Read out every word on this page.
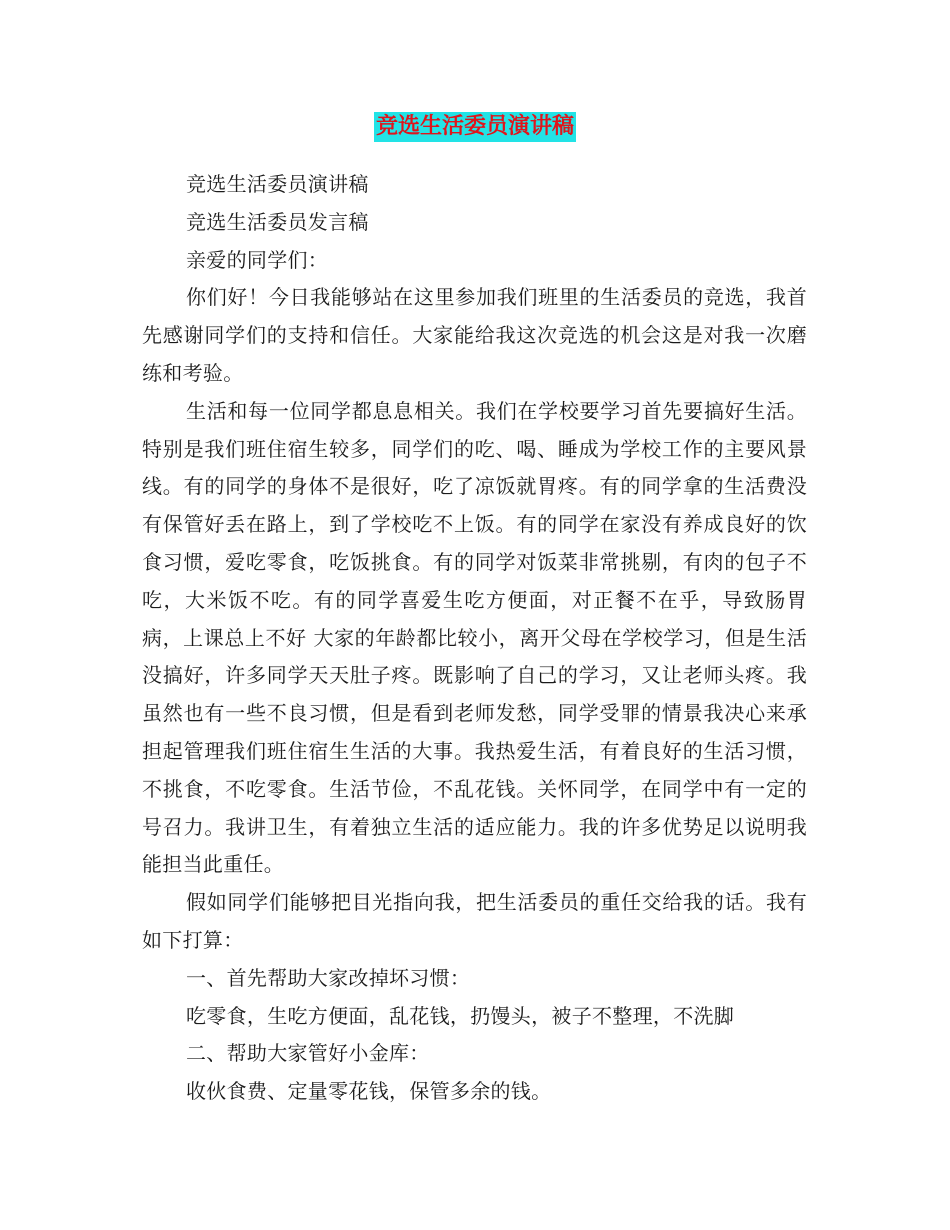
竞选生活委员演讲稿

竞选生活委员演讲稿

竞选生活委员发言稿

亲爱的同学们：

你们好！今日我能够站在这里参加我们班里的生活委员的竞选，我首先感谢同学们的支持和信任。大家能给我这次竞选的机会这是对我一次磨练和考验。

生活和每一位同学都息息相关。我们在学校要学习首先要搞好生活。特别是我们班住宿生较多，同学们的吃、喝、睡成为学校工作的主要风景线。有的同学的身体不是很好，吃了凉饭就胃疼。有的同学拿的生活费没有保管好丢在路上，到了学校吃不上饭。有的同学在家没有养成良好的饮食习惯，爱吃零食，吃饭挑食。有的同学对饭菜非常挑剔，有肉的包子不吃，大米饭不吃。有的同学喜爱生吃方便面，对正餐不在乎，导致肠胃病，上课总上不好 大家的年龄都比较小，离开父母在学校学习，但是生活没搞好，许多同学天天肚子疼。既影响了自己的学习，又让老师头疼。我虽然也有一些不良习惯，但是看到老师发愁，同学受罪的情景我决心来承担起管理我们班住宿生生活的大事。我热爱生活，有着良好的生活习惯，不挑食，不吃零食。生活节俭，不乱花钱。关怀同学，在同学中有一定的号召力。我讲卫生，有着独立生活的适应能力。我的许多优势足以说明我能担当此重任。

假如同学们能够把目光指向我，把生活委员的重任交给我的话。我有如下打算：

一、首先帮助大家改掉坏习惯：

吃零食，生吃方便面，乱花钱，扔馒头，被子不整理，不洗脚

二、帮助大家管好小金库：

收伙食费、定量零花钱，保管多余的钱。
